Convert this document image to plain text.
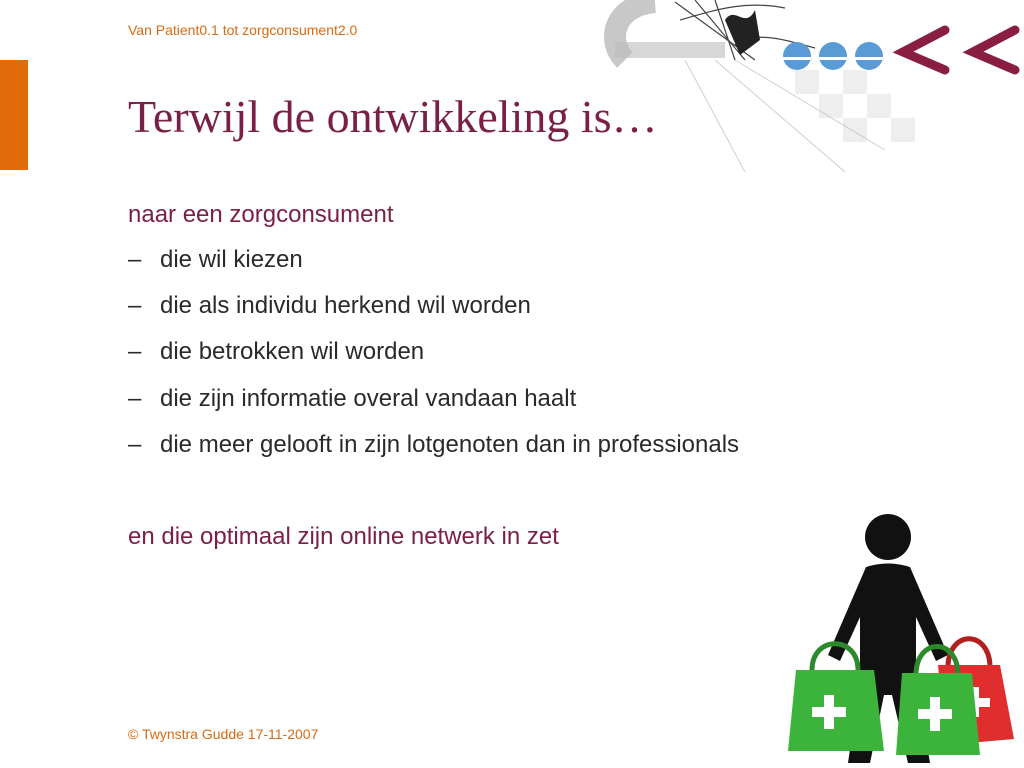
Van Patient0.1 tot zorgconsument2.0
Terwijl de ontwikkeling is…
naar een zorgconsument
– die wil kiezen
– die als individu herkend wil worden
– die betrokken wil worden
– die zijn informatie overal vandaan haalt
– die meer gelooft in zijn lotgenoten dan in professionals
en die optimaal zijn online netwerk in zet
© Twynstra Gudde 17-11-2007
